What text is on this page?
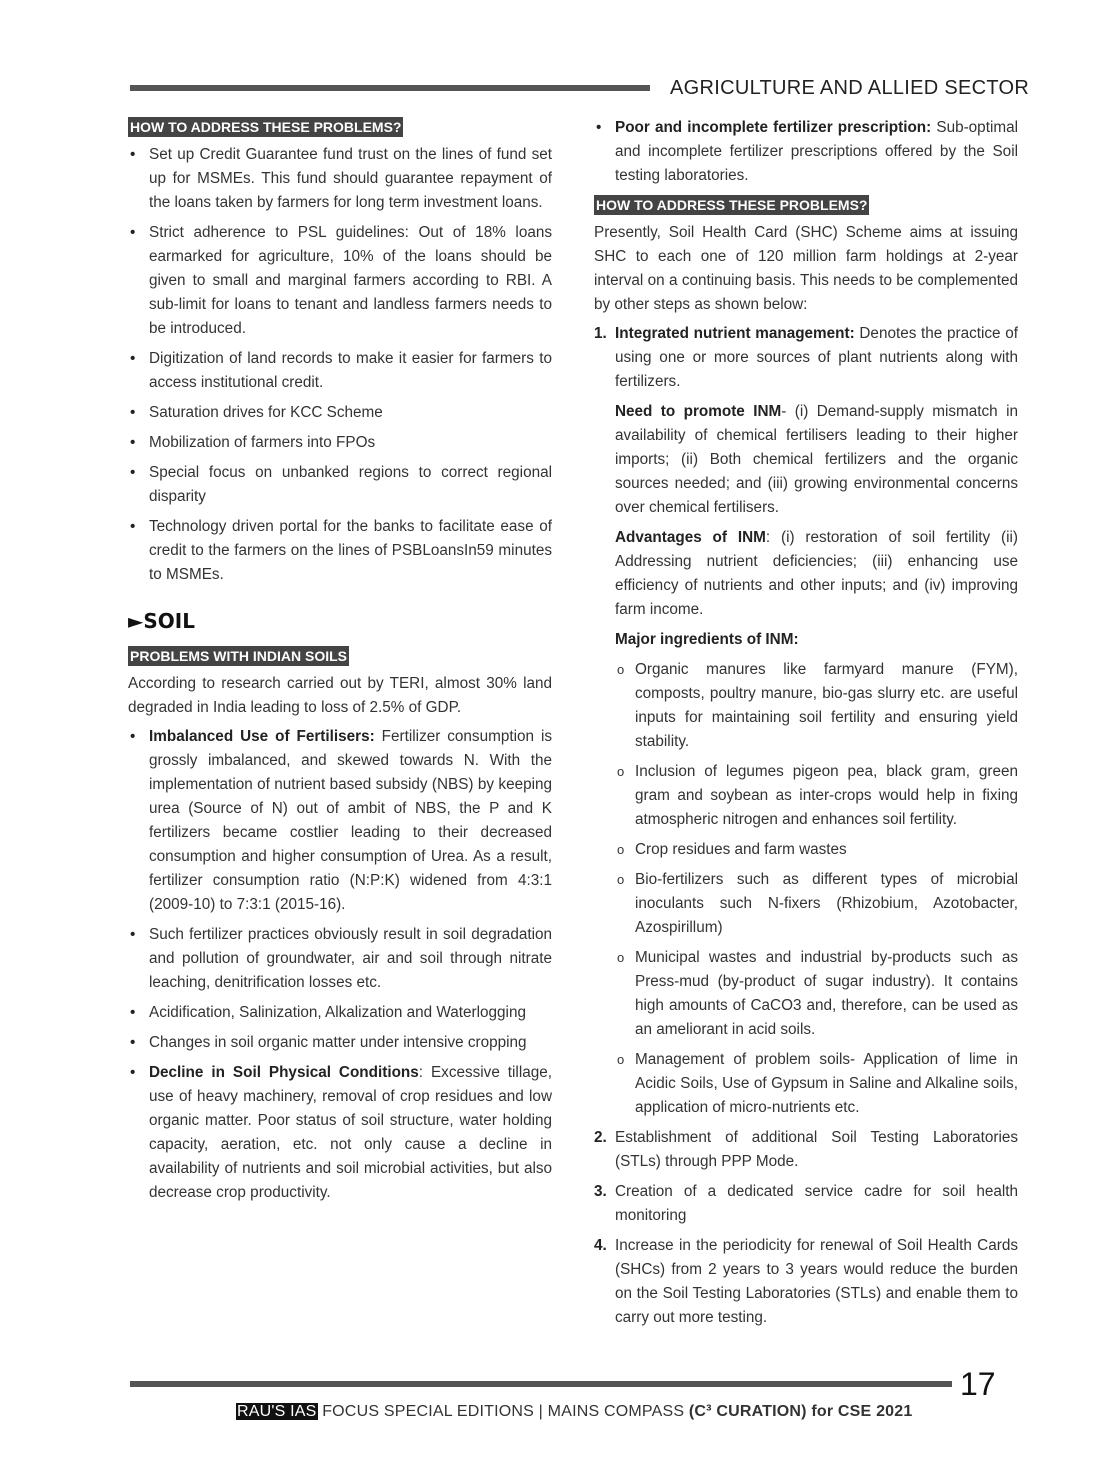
AGRICULTURE AND ALLIED SECTOR
HOW TO ADDRESS THESE PROBLEMS?
• Set up Credit Guarantee fund trust on the lines of fund set up for MSMEs. This fund should guarantee repayment of the loans taken by farmers for long term investment loans.
• Strict adherence to PSL guidelines: Out of 18% loans earmarked for agriculture, 10% of the loans should be given to small and marginal farmers according to RBI. A sub-limit for loans to tenant and landless farmers needs to be introduced.
• Digitization of land records to make it easier for farmers to access institutional credit.
• Saturation drives for KCC Scheme
• Mobilization of farmers into FPOs
• Special focus on unbanked regions to correct regional disparity
• Technology driven portal for the banks to facilitate ease of credit to the farmers on the lines of PSBLoansIn59 minutes to MSMEs.
►SOIL
PROBLEMS WITH INDIAN SOILS

According to research carried out by TERI, almost 30% land degraded in India leading to loss of 2.5% of GDP.

• Imbalanced Use of Fertilisers: Fertilizer consumption is grossly imbalanced, and skewed towards N. With the implementation of nutrient based subsidy (NBS) by keeping urea (Source of N) out of ambit of NBS, the P and K fertilizers became costlier leading to their decreased consumption and higher consumption of Urea. As a result, fertilizer consumption ratio (N:P:K) widened from 4:3:1 (2009-10) to 7:3:1 (2015-16).
• Such fertilizer practices obviously result in soil degradation and pollution of groundwater, air and soil through nitrate leaching, denitrification losses etc.
• Acidification, Salinization, Alkalization and Waterlogging
• Changes in soil organic matter under intensive cropping
• Decline in Soil Physical Conditions: Excessive tillage, use of heavy machinery, removal of crop residues and low organic matter. Poor status of soil structure, water holding capacity, aeration, etc. not only cause a decline in availability of nutrients and soil microbial activities, but also decrease crop productivity.
• Poor and incomplete fertilizer prescription: Sub-optimal and incomplete fertilizer prescriptions offered by the Soil testing laboratories.
HOW TO ADDRESS THESE PROBLEMS?

Presently, Soil Health Card (SHC) Scheme aims at issuing SHC to each one of 120 million farm holdings at 2-year interval on a continuing basis. This needs to be complemented by other steps as shown below:

1. Integrated nutrient management: Denotes the practice of using one or more sources of plant nutrients along with fertilizers.

Need to promote INM- (i) Demand-supply mismatch in availability of chemical fertilisers leading to their higher imports; (ii) Both chemical fertilizers and the organic sources needed; and (iii) growing environmental concerns over chemical fertilisers.

Advantages of INM: (i) restoration of soil fertility (ii) Addressing nutrient deficiencies; (iii) enhancing use efficiency of nutrients and other inputs; and (iv) improving farm income.

Major ingredients of INM:

o Organic manures like farmyard manure (FYM), composts, poultry manure, bio-gas slurry etc. are useful inputs for maintaining soil fertility and ensuring yield stability.
o Inclusion of legumes pigeon pea, black gram, green gram and soybean as inter-crops would help in fixing atmospheric nitrogen and enhances soil fertility.
o Crop residues and farm wastes
o Bio-fertilizers such as different types of microbial inoculants such N-fixers (Rhizobium, Azotobacter, Azospirillum)
o Municipal wastes and industrial by-products such as Press-mud (by-product of sugar industry). It contains high amounts of CaCO3 and, therefore, can be used as an ameliorant in acid soils.
o Management of problem soils- Application of lime in Acidic Soils, Use of Gypsum in Saline and Alkaline soils, application of micro-nutrients etc.
2. Establishment of additional Soil Testing Laboratories (STLs) through PPP Mode.
3. Creation of a dedicated service cadre for soil health monitoring
4. Increase in the periodicity for renewal of Soil Health Cards (SHCs) from 2 years to 3 years would reduce the burden on the Soil Testing Laboratories (STLs) and enable them to carry out more testing.
17
RAU'S IAS FOCUS SPECIAL EDITIONS | MAINS COMPASS (C³ CURATION) for CSE 2021
